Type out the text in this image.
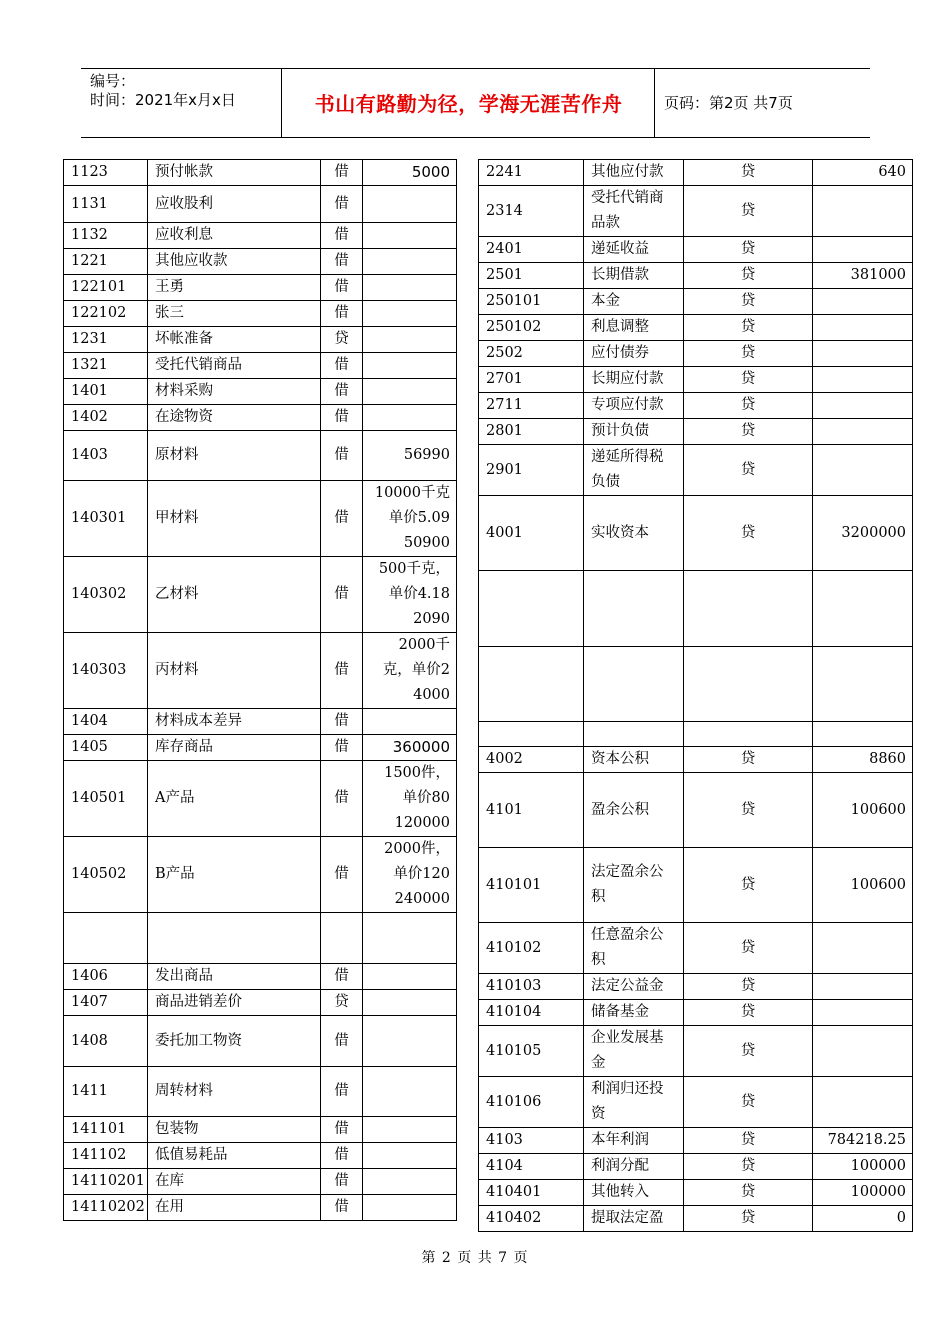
编号：
时间：2021年x月x日	书山有路勤为径，学海无涯苦作舟	页码：第2页 共7页
1123	预付帐款	借	5000

1131	应收股利	借	
1132	应收利息	借	
1221	其他应收款	借	
122101	王勇	借	
122102	张三	借	
1231	坏帐准备	贷	
1321	受托代销商品	借	
1401	材料采购	借	
1402	在途物资	借	
1403	原材料	借	56990

140301	甲材料	借	10000千克
单价5.09
50900

140302	乙材料	借	500千克，
单价4.18
2090

140303	丙材料	借	2000千
克，单价2
4000

1404	材料成本差异	借	
1405	库存商品	借	360000

140501	A产品	借	1500件，
单价80
120000

140502	B产品	借	2000件，
单价120
240000

1406	发出商品	借	
1407	商品进销差价	贷	
1408	委托加工物资	借	
1411	周转材料	借	
141101	包装物	借	
141102	低值易耗品	借	
14110201	在库	借	
14110202	在用	借	
2241	其他应付款	贷	640
2314	受托代销商
品款	贷	
2401	递延收益	贷	
2501	长期借款	贷	381000
250101	本金	贷	
250102	利息调整	贷	
2502	应付债券	贷	
2701	长期应付款	贷	
2711	专项应付款	贷	
2801	预计负债	贷	
2901	递延所得税
负债	贷	
4001	实收资本	贷	3200000

4002	资本公积	贷	8860
4101	盈余公积	贷	100600
410101	法定盈余公
积	贷	100600
410102	任意盈余公
积	贷	
410103	法定公益金	贷	
410104	储备基金	贷	
410105	企业发展基
金	贷	
410106	利润归还投
资	贷	
4103	本年利润	贷	784218.25
4104	利润分配	贷	100000
410401	其他转入	贷	100000
410402	提取法定盈	贷	0
第 2 页 共 7 页
